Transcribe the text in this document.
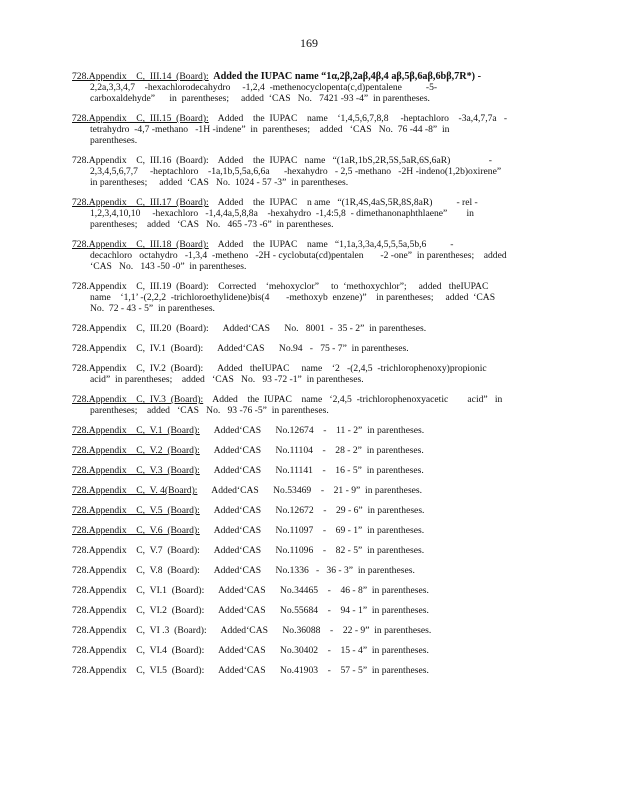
169
728.Appendix    C,  III.14  (Board):  Added the IUPAC name “1α,2β,2aβ,4β,4 aβ,5β,6aβ,6bβ,7R*) -
2,2a,3,3,4,7    -hexachlorodecahydro     -1,2,4  -methenocyclopenta(c,d)pentalene          -5-
carboxaldehyde”      in  parentheses;     added  ‘CAS   No.   7421 -93 -4”  in parentheses.
728.Appendix    C,  III.15  (Board):    Added    the  IUPAC    name    ‘1,4,5,6,7,8,8     -heptachloro    -3a,4,7,7a   -
tetrahydro  -4,7 -methano   -1H -indene”  in  parentheses;    added   ‘CAS   No.  76 -44 -8”  in
parentheses.
728.Appendix    C,  III.16  (Board):    Added    the  IUPAC   name   “(1aR,1bS,2R,5S,5aR,6S,6aR)                -
2,3,4,5,6,7,7     -heptachloro    -1a,1b,5,5a,6,6a      -hexahydro   - 2,5 -methano   -2H -indeno(1,2b)oxirene”
in parentheses;     added  ‘CAS   No.  1024 - 57 -3”  in parentheses.
728.Appendix    C,  III.17  (Board):    Added    the  IUPAC    n ame   “(1R,4S,4aS,5R,8S,8aR)          - rel -
1,2,3,4,10,10     -hexachloro   -1,4,4a,5,8,8a    -hexahydro  -1,4:5,8  - dimethanonaphthlaene”        in
parentheses;    added   ‘CAS   No.   465 -73 -6”  in parentheses.
728.Appendix    C,  III.18  (Board):    Added    the  IUPAC    name   “1,1a,3,3a,4,5,5,5a,5b,6          -
decachloro   octahydro   -1,3,4  -metheno   -2H - cyclobuta(cd)pentalen       -2 -one”  in parentheses;    added
‘CAS   No.   143 -50 -0”  in parentheses.
728.Appendix    C,  III.19  (Board):    Corrected    ‘mehoxyclor”     to  ‘methoxychlor”;     added   theIUPAC
name    ‘1,1’ -(2,2,2  -trichloroethylidene)bis(4       -methoxyb  enzene)”    in parentheses;     added  ‘CAS
No.  72 - 43 - 5”  in parentheses.
728.Appendix    C,  III.20  (Board):      Added‘CAS      No.   8001  -  35 - 2”  in parentheses.
728.Appendix    C,  IV.1  (Board):      Added‘CAS      No.94   -   75 - 7”  in parentheses.
728.Appendix    C,  IV.2  (Board):      Added   theIUPAC     name    ‘2   -(2,4,5  -trichlorophenoxy)propionic
acid”  in parentheses;    added   ‘CAS   No.   93 -72 -1”  in parentheses.
728.Appendix    C,  IV.3  (Board):    Added    the  IUPAC    name   ‘2,4,5  -trichlorophenoxyacetic        acid”   in
parentheses;    added   ‘CAS   No.   93 -76 -5”  in parentheses.
728.Appendix    C,  V.1  (Board):      Added‘CAS      No.12674    -    11 - 2”  in parentheses.
728.Appendix    C,  V.2  (Board):      Added‘CAS      No.11104    -    28 - 2”  in parentheses.
728.Appendix    C,  V.3  (Board):      Added‘CAS      No.11141    -    16 - 5”  in parentheses.
728.Appendix    C,  V. 4(Board):      Added‘CAS      No.53469    -    21 - 9”  in parentheses.
728.Appendix    C,  V.5  (Board):      Added‘CAS      No.12672    -    29 - 6”  in parentheses.
728.Appendix    C,  V.6  (Board):      Added‘CAS      No.11097    -    69 - 1”  in parentheses.
728.Appendix    C,  V.7  (Board):      Added‘CAS      No.11096    -    82 - 5”  in parentheses.
728.Appendix    C,  V.8  (Board):      Added‘CAS      No.1336   -   36 - 3”  in parentheses.
728.Appendix    C,  VI.1  (Board):      Added‘CAS      No.34465    -    46 - 8”  in parentheses.
728.Appendix    C,  VI.2  (Board):      Added‘CAS      No.55684    -    94 - 1”  in parentheses.
728.Appendix    C,  VI .3  (Board):      Added‘CAS      No.36088    -    22 - 9”  in parentheses.
728.Appendix    C,  VI.4  (Board):      Added‘CAS      No.30402    -    15 - 4”  in parentheses.
728.Appendix    C,  VI.5  (Board):      Added‘CAS      No.41903    -    57 - 5”  in parentheses.
